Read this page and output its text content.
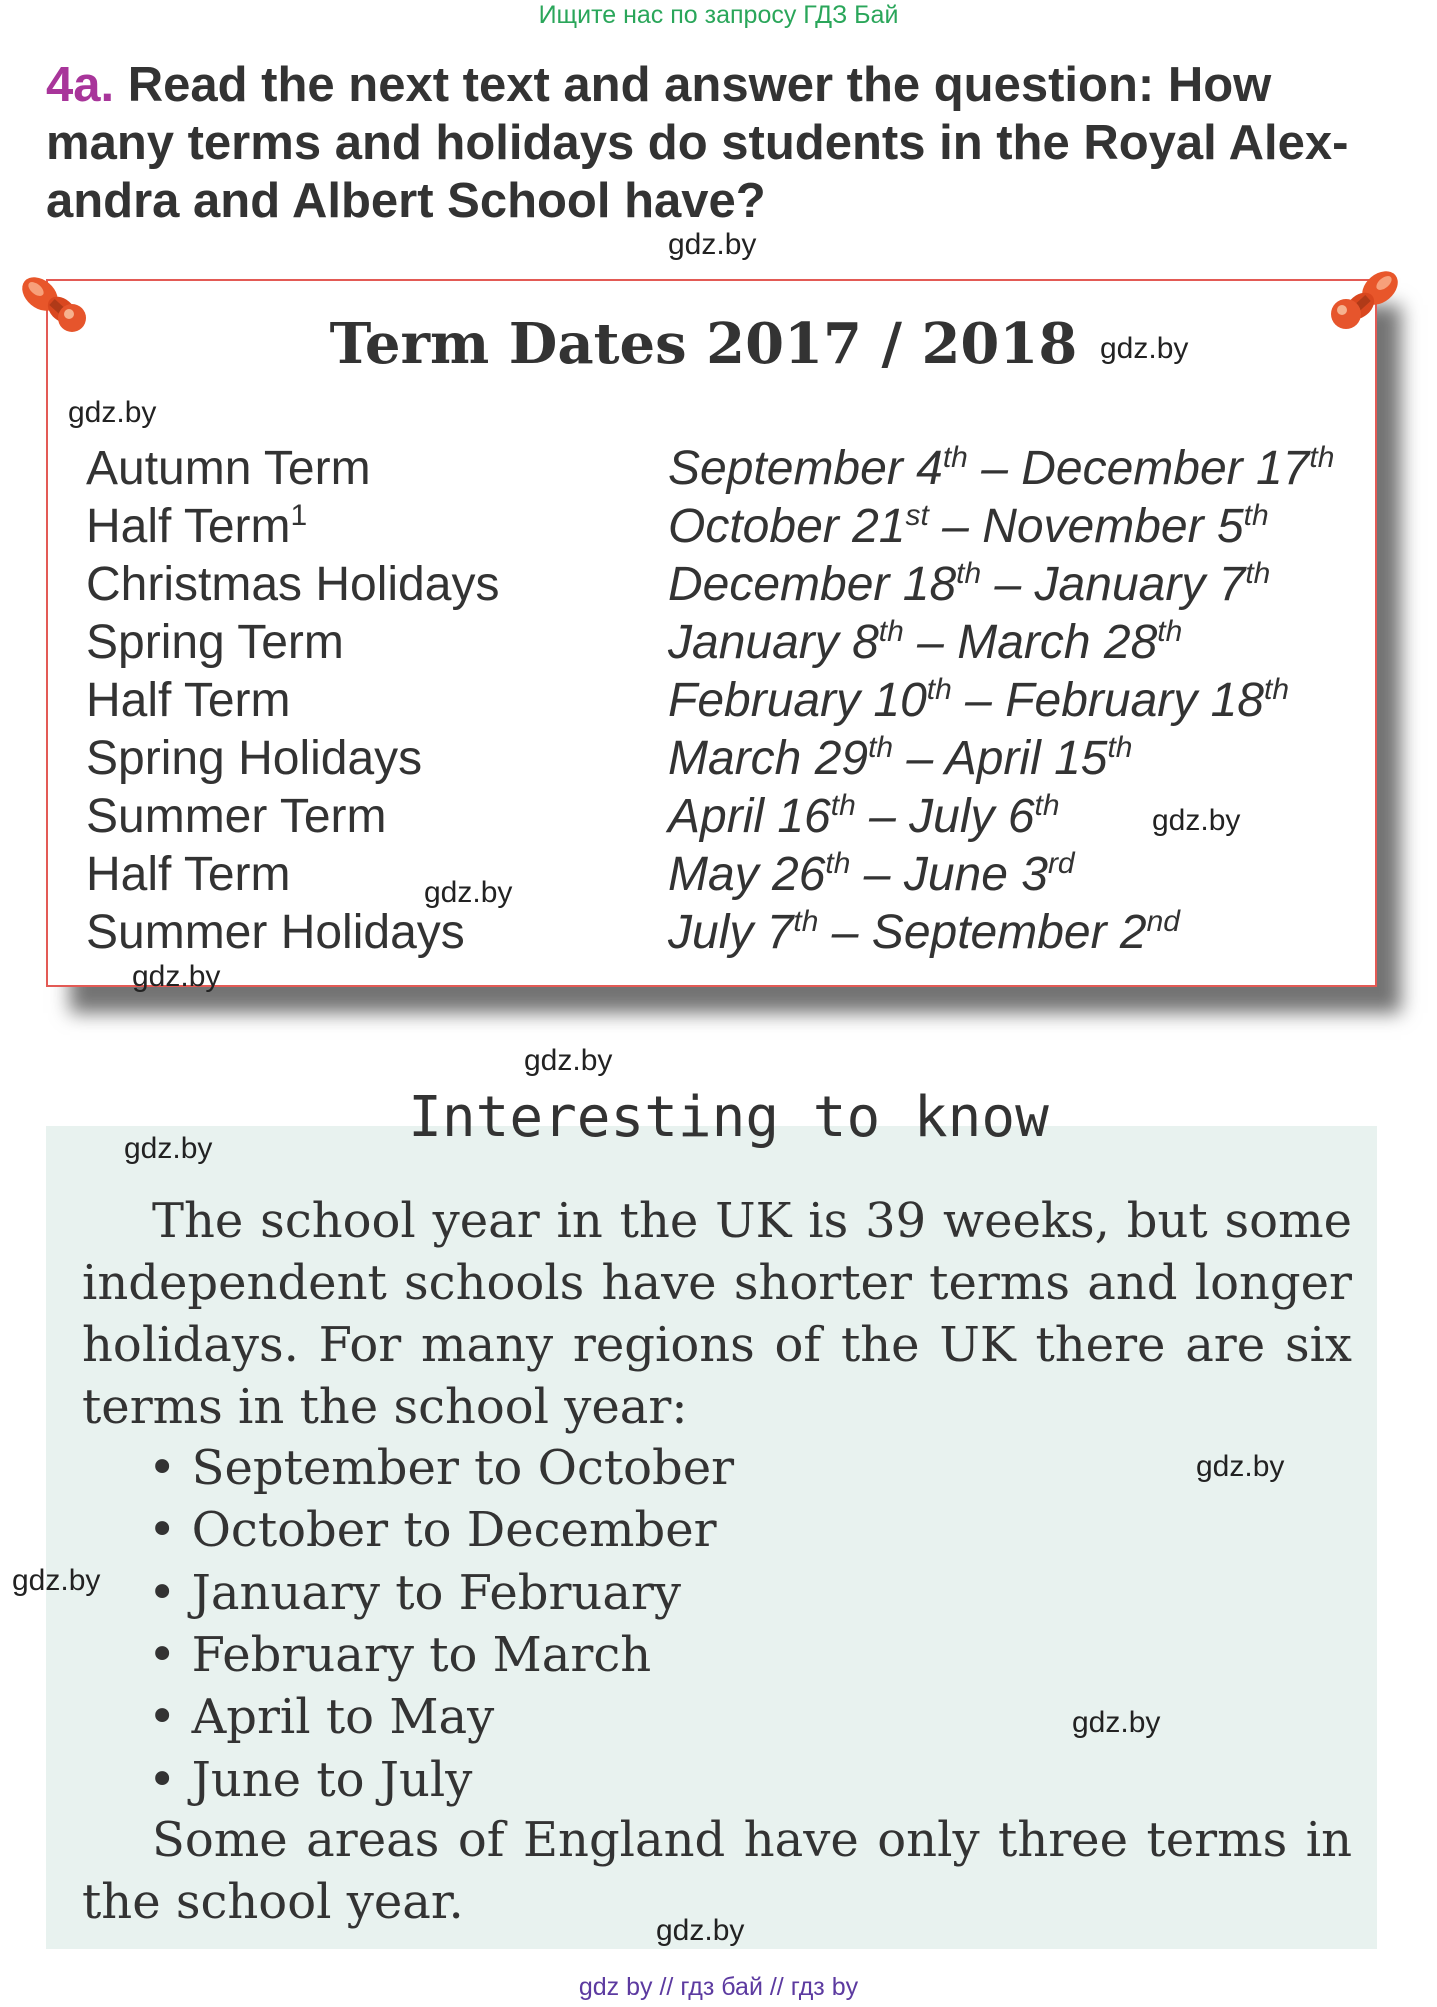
Ищите нас по запросу ГДЗ Бай
4a. Read the next text and answer the question: How many terms and holidays do students in the Royal Alex-andra and Albert School have?
Term Dates 2017 / 2018
Autumn Term	September 4th – December 17th
Half Term$^1$	October 21st – November 5th
Christmas Holidays	December 18th – January 7th
Spring Term	January 8th – March 28th
Half Term	February 10th – February 18th
Spring Holidays	March 29th – April 15th
Summer Term	April 16th – July 6th
Half Term	May 26th – June 3rd
Summer Holidays	July 7th – September 2nd
Interesting to know
The school year in the UK is 39 weeks, but some independent schools have shorter terms and longer holidays. For many regions of the UK there are six terms in the school year:
• September to October
• October to December
• January to February
• February to March
• April to May
• June to July
Some areas of England have only three terms in the school year.
gdz.by
gdz.by
gdz.by
gdz.by
gdz.by
gdz.by
gdz.by
gdz.by
gdz.by
gdz.by
gdz.by
gdz.by
gdz by // гдз бай // гдз by
